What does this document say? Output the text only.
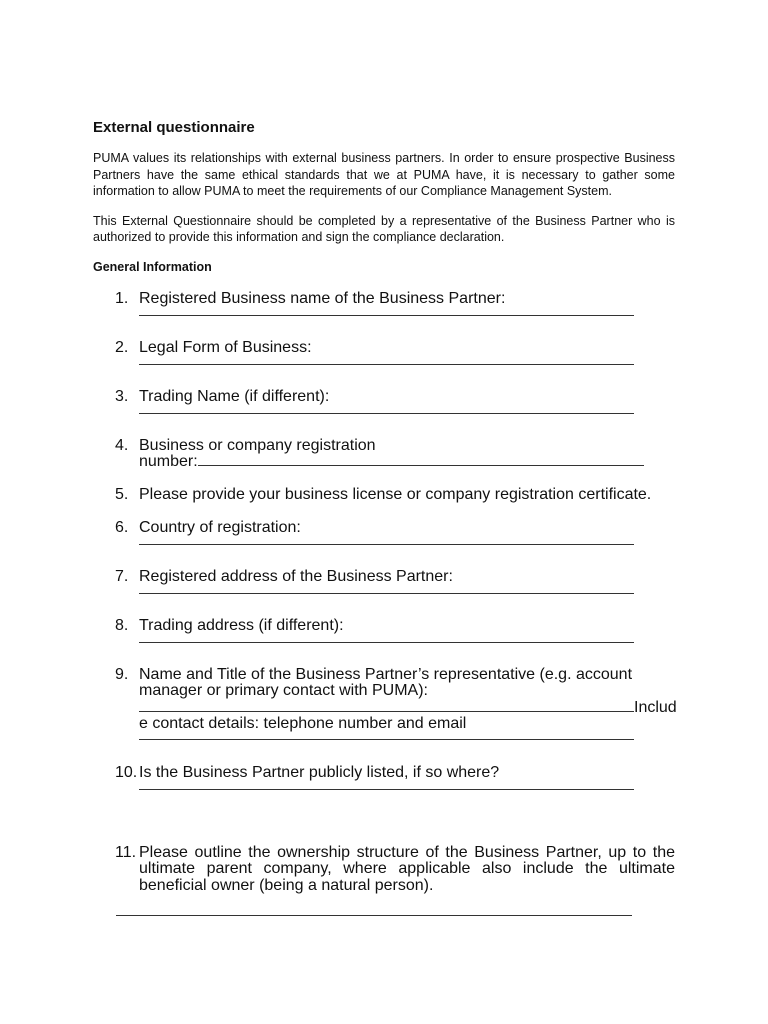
External questionnaire

PUMA values its relationships with external business partners. In order to ensure prospective Business Partners have the same ethical standards that we at PUMA have, it is necessary to gather some information to allow PUMA to meet the requirements of our Compliance Management System.

This External Questionnaire should be completed by a representative of the Business Partner who is authorized to provide this information and sign the compliance declaration.

General Information
1. Registered Business name of the Business Partner:
2. Legal Form of Business:
3. Trading Name (if different):
4. Business or company registration
number:
5. Please provide your business license or company registration certificate.
6. Country of registration:
7. Registered address of the Business Partner:
8. Trading address (if different):
9. Name and Title of the Business Partner’s representative (e.g. account manager or primary contact with PUMA):
Includ
e contact details: telephone number and email
10. Is the Business Partner publicly listed, if so where?
11. Please outline the ownership structure of the Business Partner, up to the ultimate parent company, where applicable also include the ultimate beneficial owner (being a natural person).
